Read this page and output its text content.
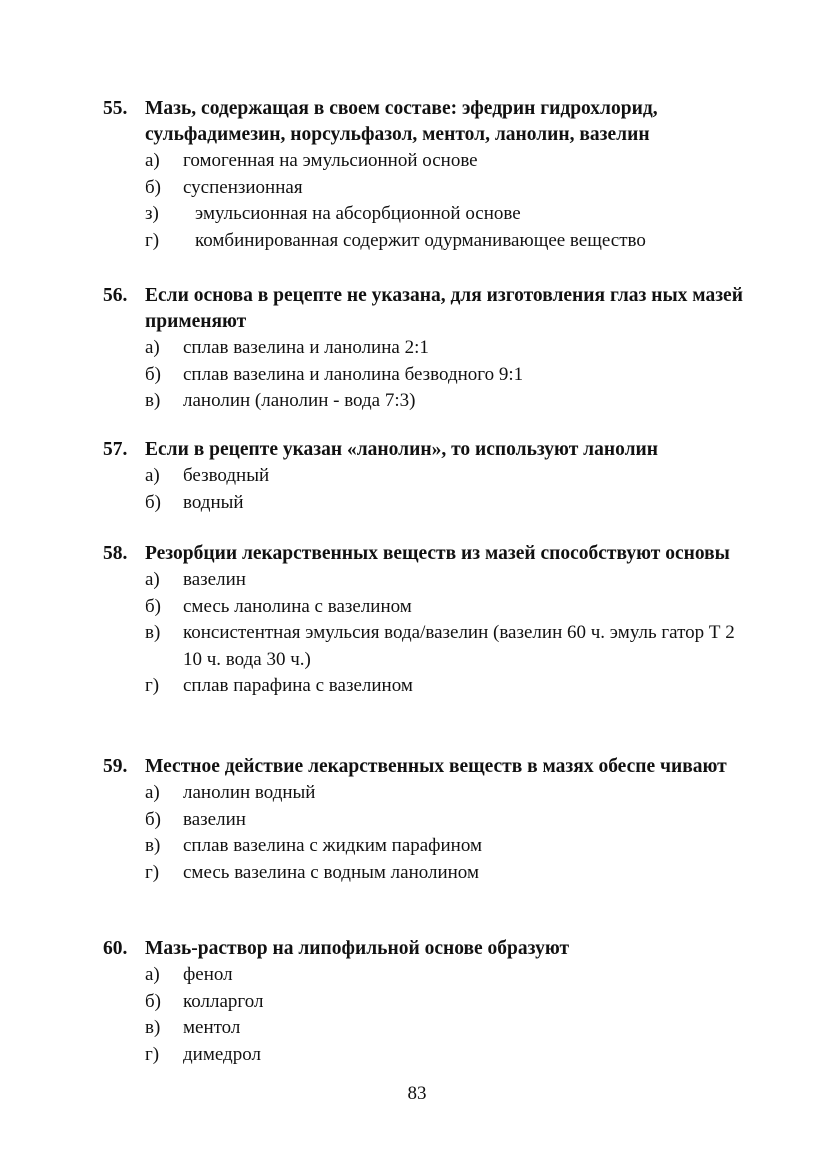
55. Мазь, содержащая в своем составе: эфедрин гидрохлорид, сульфадимезин, норсульфазол, ментол, ланолин, вазелин
а)	гомогенная на эмульсионной основе
б)	суспензионная
з)	эмульсионная на абсорбционной основе
г)	комбинированная содержит одурманивающее вещество
56. Если основа в рецепте не указана, для изготовления глаз ных мазей применяют
а)	сплав вазелина и ланолина 2:1
б)	сплав вазелина и ланолина безводного 9:1
в)	ланолин (ланолин - вода 7:3)
57. Если в рецепте указан «ланолин», то используют ланолин
а)	безводный
б)	водный
58. Резорбции лекарственных веществ из мазей способствуют основы
а)	вазелин
б)	смесь ланолина с вазелином
в)	консистентная эмульсия вода/вазелин (вазелин 60 ч. эмуль гатор Т 2 10 ч. вода 30 ч.)
г)	сплав парафина с вазелином
59. Местное действие лекарственных веществ в мазях обеспе чивают
а)	ланолин водный
б)	вазелин
в)	сплав вазелина с жидким парафином
г)	смесь вазелина с водным ланолином
60. Мазь-раствор на липофильной основе образуют
а)	фенол
б)	колларгол
в)	ментол
г)	димедрол
83
